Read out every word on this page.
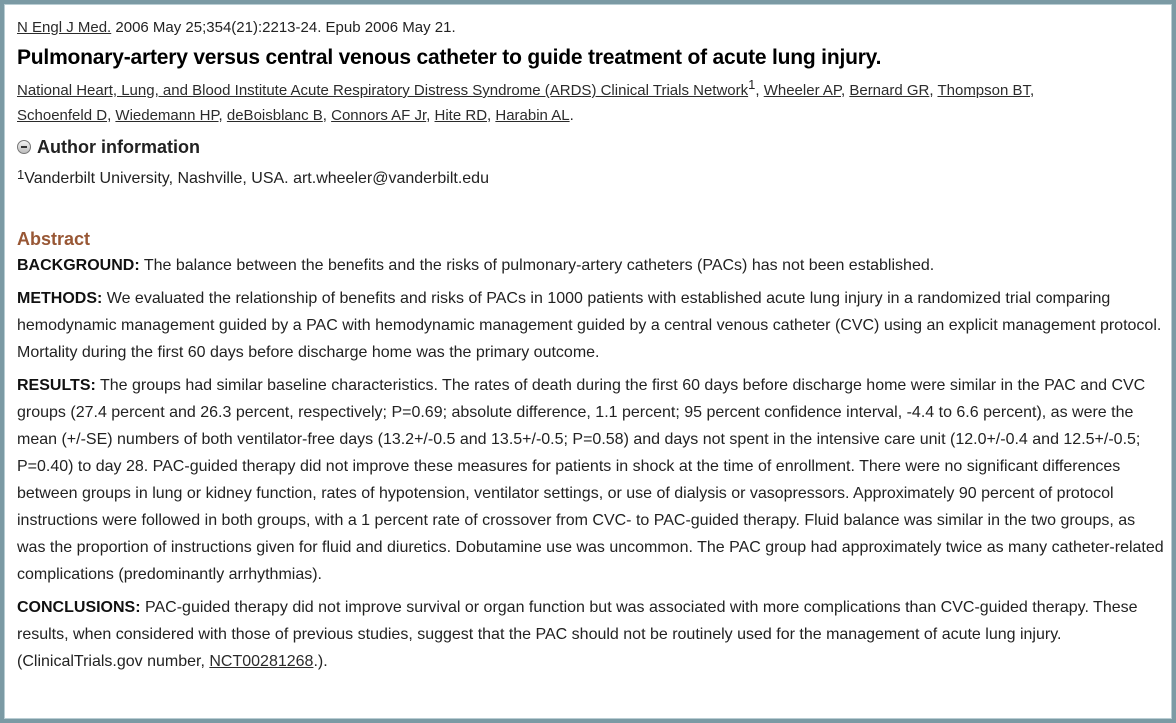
N Engl J Med. 2006 May 25;354(21):2213-24. Epub 2006 May 21.
Pulmonary-artery versus central venous catheter to guide treatment of acute lung injury.
National Heart, Lung, and Blood Institute Acute Respiratory Distress Syndrome (ARDS) Clinical Trials Network$^1$, Wheeler AP, Bernard GR, Thompson BT,
Schoenfeld D, Wiedemann HP, deBoisblanc B, Connors AF Jr, Hite RD, Harabin AL.
Author information
$^1$Vanderbilt University, Nashville, USA. art.wheeler@vanderbilt.edu
Abstract

BACKGROUND: The balance between the benefits and the risks of pulmonary-artery catheters (PACs) has not been established.

METHODS: We evaluated the relationship of benefits and risks of PACs in 1000 patients with established acute lung injury in a randomized trial comparing hemodynamic management guided by a PAC with hemodynamic management guided by a central venous catheter (CVC) using an explicit management protocol. Mortality during the first 60 days before discharge home was the primary outcome.

RESULTS: The groups had similar baseline characteristics. The rates of death during the first 60 days before discharge home were similar in the PAC and CVC groups (27.4 percent and 26.3 percent, respectively; P=0.69; absolute difference, 1.1 percent; 95 percent confidence interval, -4.4 to 6.6 percent), as were the mean (+/-SE) numbers of both ventilator-free days (13.2+/-0.5 and 13.5+/-0.5; P=0.58) and days not spent in the intensive care unit (12.0+/-0.4 and 12.5+/-0.5; P=0.40) to day 28. PAC-guided therapy did not improve these measures for patients in shock at the time of enrollment. There were no significant differences between groups in lung or kidney function, rates of hypotension, ventilator settings, or use of dialysis or vasopressors. Approximately 90 percent of protocol instructions were followed in both groups, with a 1 percent rate of crossover from CVC- to PAC-guided therapy. Fluid balance was similar in the two groups, as was the proportion of instructions given for fluid and diuretics. Dobutamine use was uncommon. The PAC group had approximately twice as many catheter-related complications (predominantly arrhythmias).

CONCLUSIONS: PAC-guided therapy did not improve survival or organ function but was associated with more complications than CVC-guided therapy. These results, when considered with those of previous studies, suggest that the PAC should not be routinely used for the management of acute lung injury. (ClinicalTrials.gov number, NCT00281268.).
